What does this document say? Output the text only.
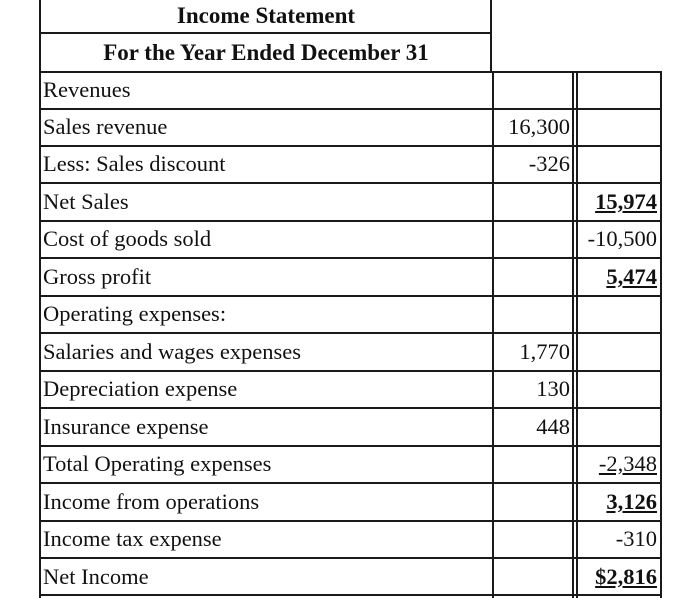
Income Statement
For the Year Ended December 31
Revenues
Sales revenue	16,300
Less: Sales discount	-326
Net Sales	15,974
Cost of goods sold	-10,500
Gross profit	5,474
Operating expenses:
Salaries and wages expenses	1,770
Depreciation expense	130
Insurance expense	448
Total Operating expenses	-2,348
Income from operations	3,126
Income tax expense	-310
Net Income	$2,816
